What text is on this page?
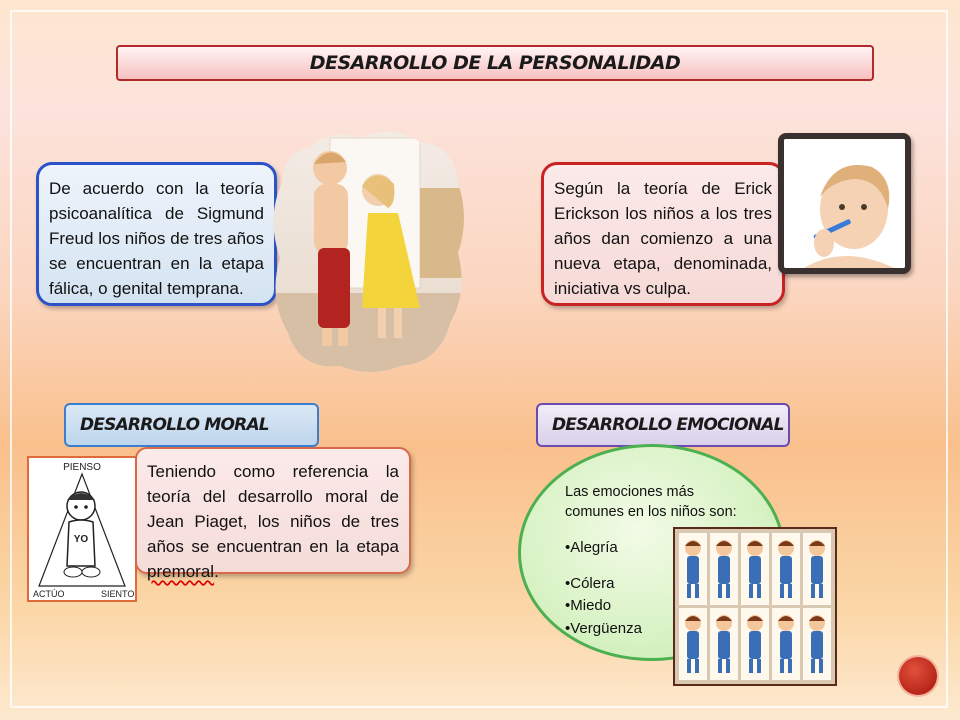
DESARROLLO DE LA PERSONALIDAD
De acuerdo con la teoría psicoanalítica de Sigmund Freud los niños de tres años se encuentran en la etapa fálica, o genital temprana.
Según la teoría de Erick Erickson los niños a los tres años dan comienzo a una nueva etapa, denominada, iniciativa vs culpa.
DESARROLLO MORAL
PIENSO
ACTÚO	SIENTO
YO
Teniendo como referencia la teoría del desarrollo moral de Jean Piaget, los niños de tres años se encuentran en la etapa premoral.
DESARROLLO EMOCIONAL
Las emociones más comunes en los niños son:
•Alegría
•Cólera
•Miedo
•Vergüenza
